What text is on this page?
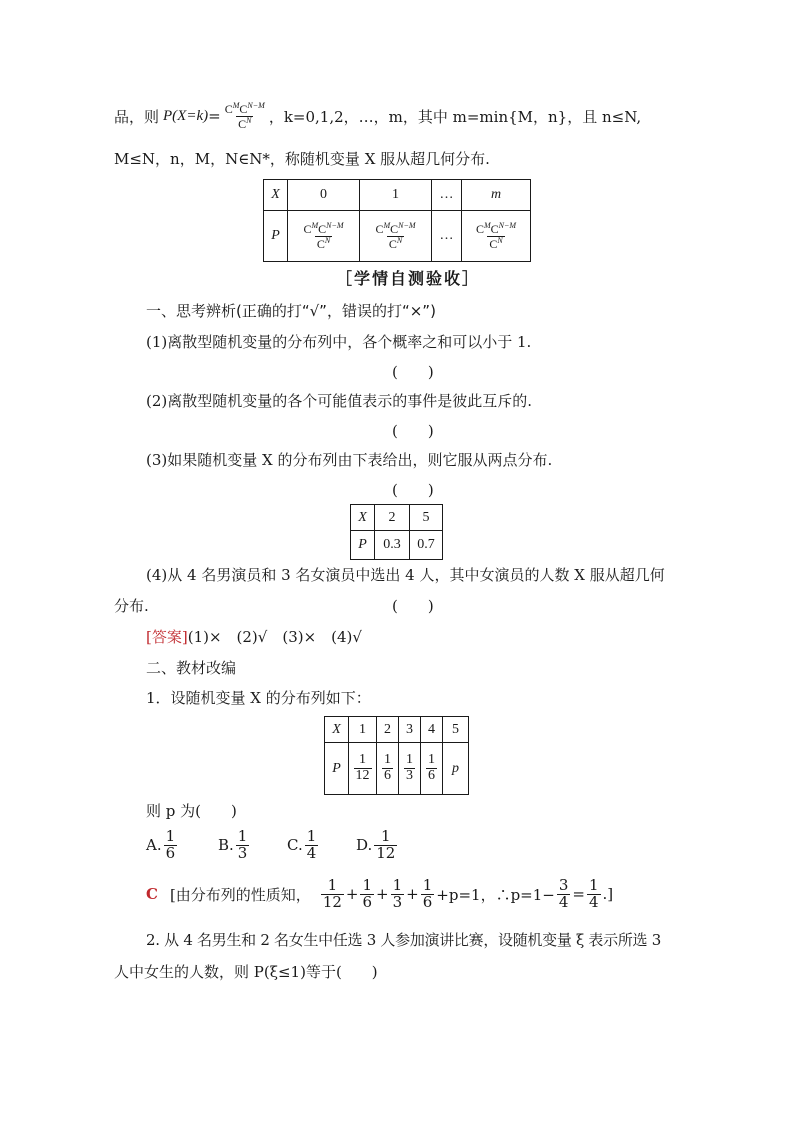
品，则 $P(X=k) = \frac{C^MC^{N-M}}{C^N}$ ，k=0,1,2，…，m，其中 m=min{M，n}，且 n≤N,
M≤N，n，M，N∈N*，称随机变量 X 服从超几何分布.
X	0	1	…	m
P	$\frac{C^MC^{N-M}}{C^N}$	$\frac{C^MC^{N-M}}{C^N}$	…	$\frac{C^MC^{N-M}}{C^N}$
［学情自测验收］
一、思考辨析(正确的打“√”，错误的打“×”)
(1)离散型随机变量的分布列中，各个概率之和可以小于 1.
(　　)
(2)离散型随机变量的各个可能值表示的事件是彼此互斥的.
(　　)
(3)如果随机变量 X 的分布列由下表给出，则它服从两点分布.
(　　)
X	2	5
P	0.3	0.7
(4)从 4 名男演员和 3 名女演员中选出 4 人，其中女演员的人数 X 服从超几何
分布.	(　　)
[答案](1)×　(2)√　(3)×　(4)√
二、教材改编
1．设随机变量 X 的分布列如下：
X	1	2	3	4	5
P	$\frac{1}{12}$	$\frac{1}{6}$	$\frac{1}{3}$	$\frac{1}{6}$	p
则 p 为(　　)
A. $\frac{1}{6}$	B. $\frac{1}{3}$	C. $\frac{1}{4}$	D. $\frac{1}{12}$
C [由分布列的性质知， $\frac{1}{12} + \frac{1}{6} + \frac{1}{3} + \frac{1}{6} +p=1$，∴p=1− $\frac{3}{4} = \frac{1}{4}$ .]
2. 从 4 名男生和 2 名女生中任选 3 人参加演讲比赛，设随机变量 ξ 表示所选 3
人中女生的人数，则 P(ξ≤1)等于(　　)
